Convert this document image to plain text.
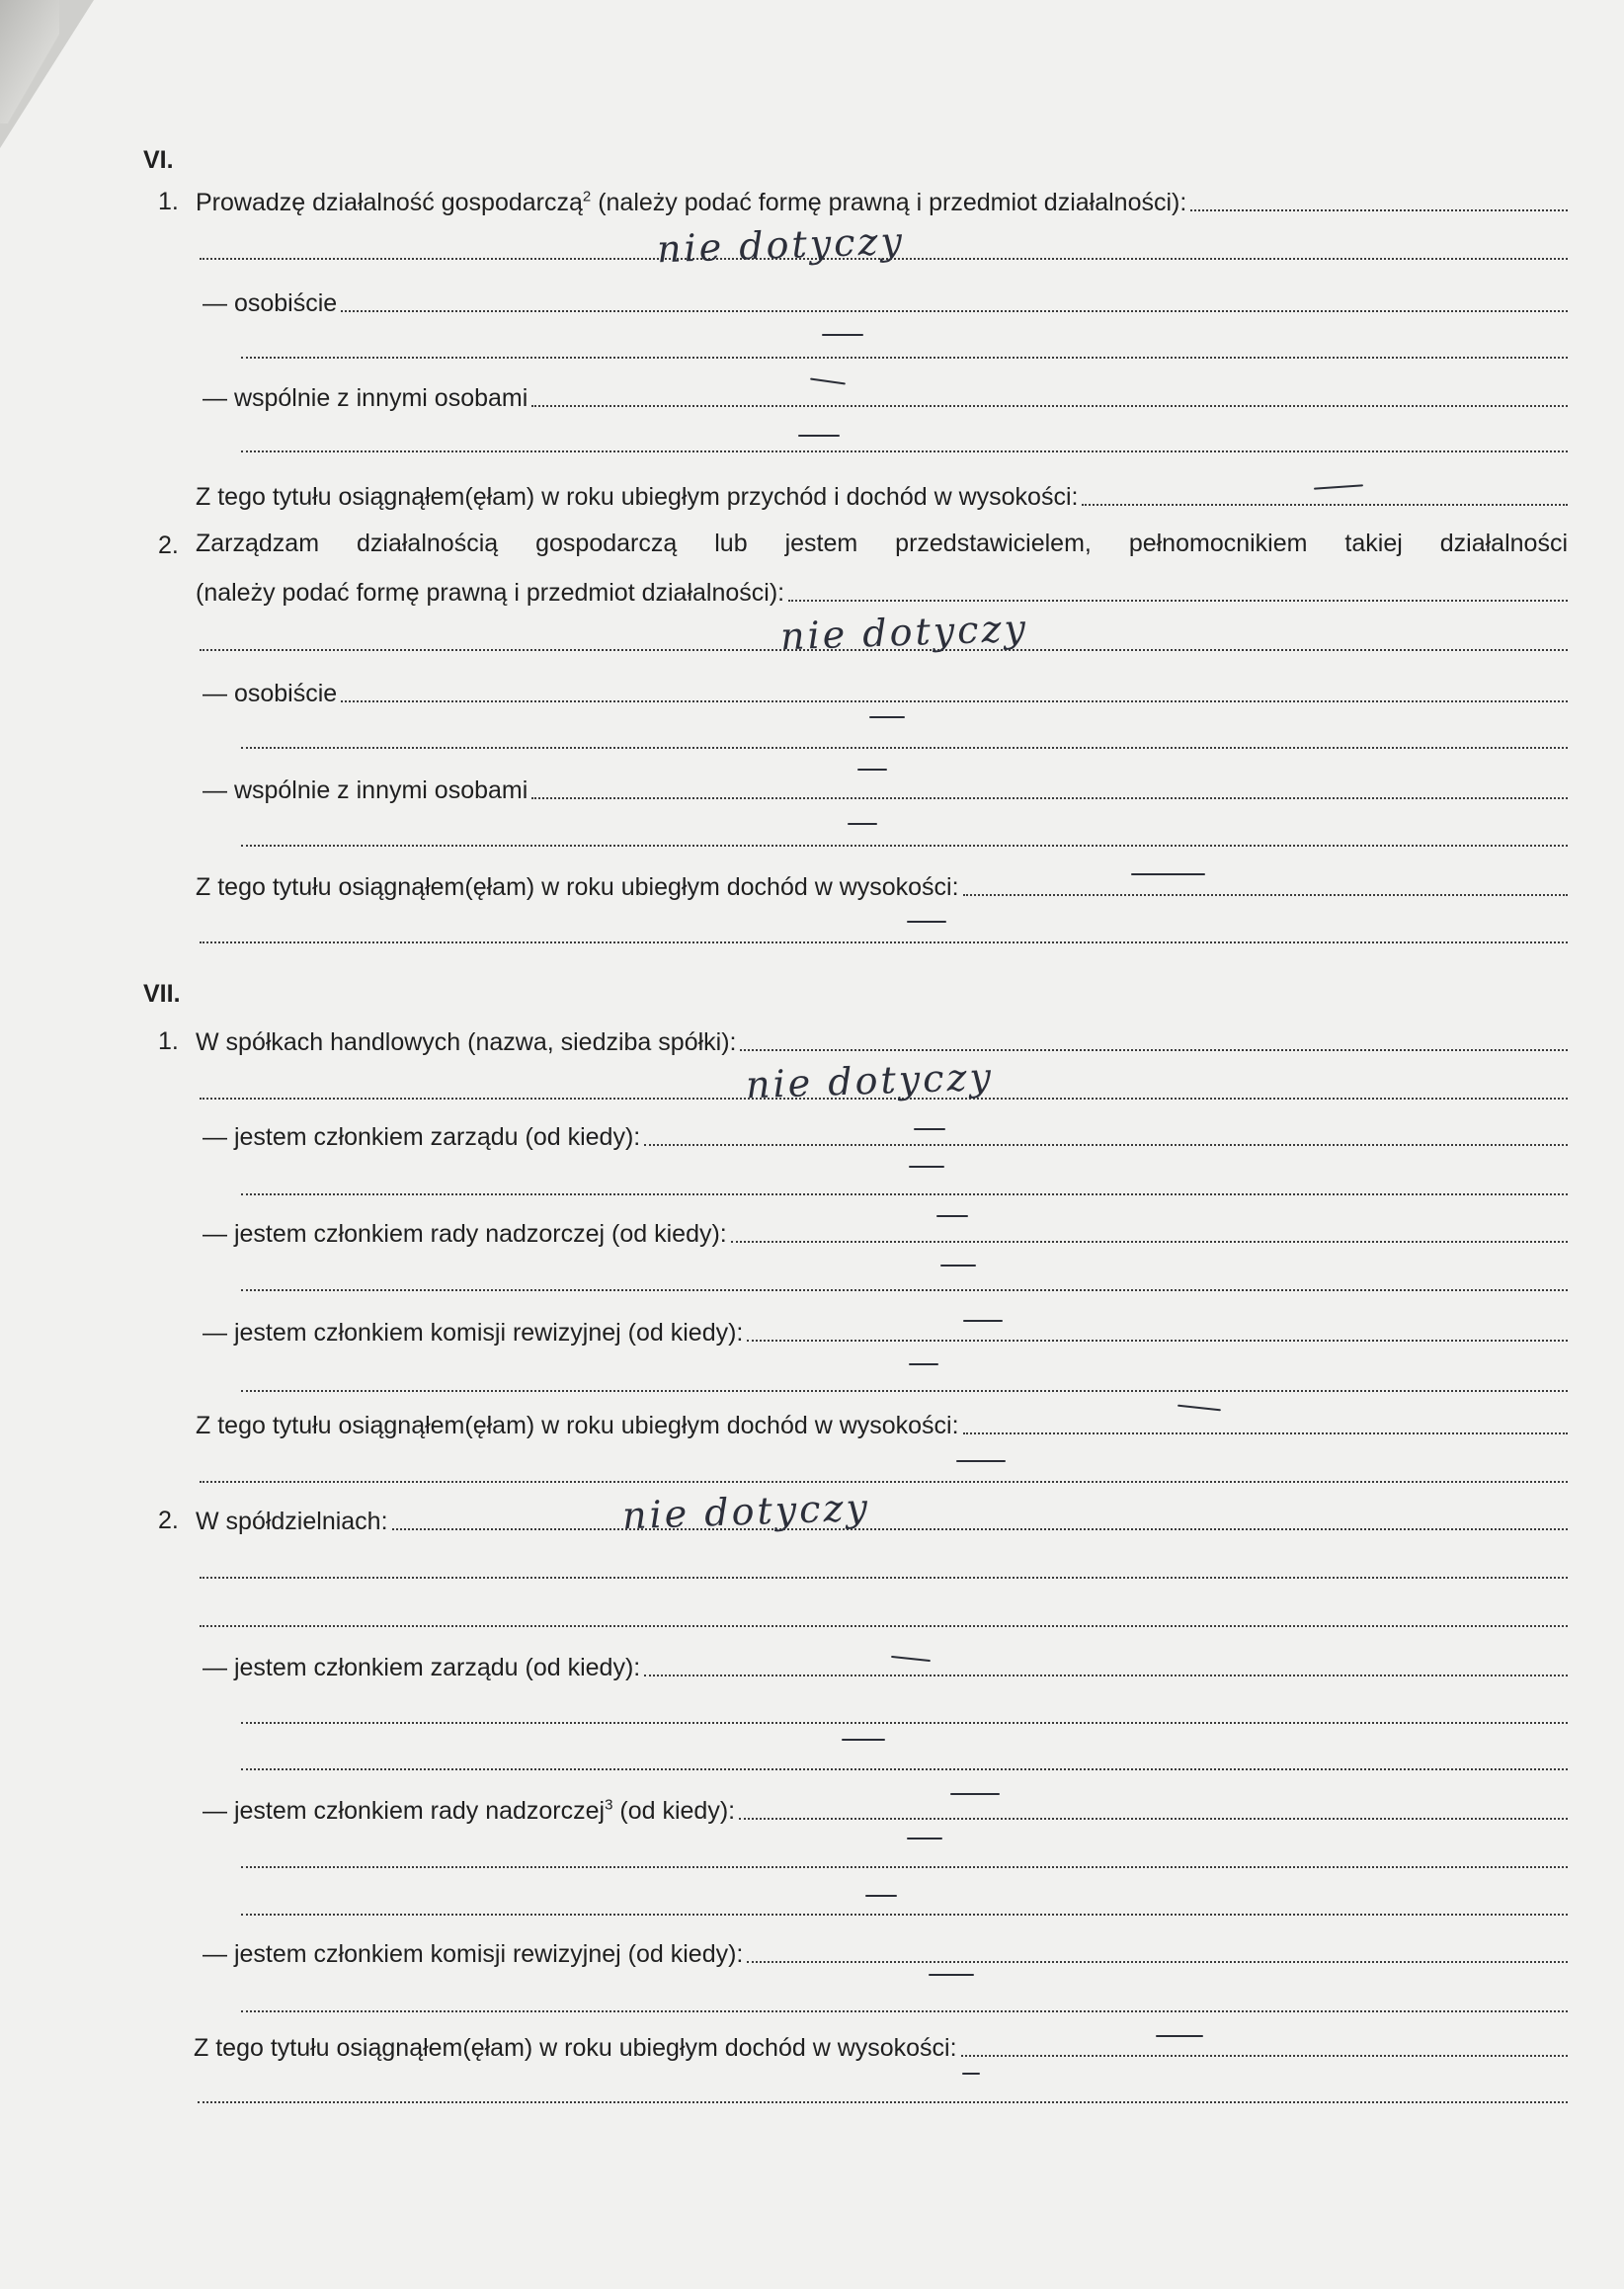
VI.
1. Prowadzę działalność gospodarczą$^2$ (należy podać formę prawną i przedmiot działalności):
nie dotyczy
— osobiście
— wspólnie z innymi osobami
Z tego tytułu osiągnąłem(ęłam) w roku ubiegłym przychód i dochód w wysokości:
2. Zarządzam działalnością gospodarczą lub jestem przedstawicielem, pełnomocnikiem takiej działalności
(należy podać formę prawną i przedmiot działalności):
nie dotyczy
— osobiście
— wspólnie z innymi osobami
Z tego tytułu osiągnąłem(ęłam) w roku ubiegłym dochód w wysokości:
VII.
1. W spółkach handlowych (nazwa, siedziba spółki):
nie dotyczy
— jestem członkiem zarządu (od kiedy):
— jestem członkiem rady nadzorczej (od kiedy):
— jestem członkiem komisji rewizyjnej (od kiedy):
Z tego tytułu osiągnąłem(ęłam) w roku ubiegłym dochód w wysokości:
2. W spółdzielniach:	nie dotyczy
— jestem członkiem zarządu (od kiedy):
— jestem członkiem rady nadzorczej$^3$ (od kiedy):
— jestem członkiem komisji rewizyjnej (od kiedy):
Z tego tytułu osiągnąłem(ęłam) w roku ubiegłym dochód w wysokości:
